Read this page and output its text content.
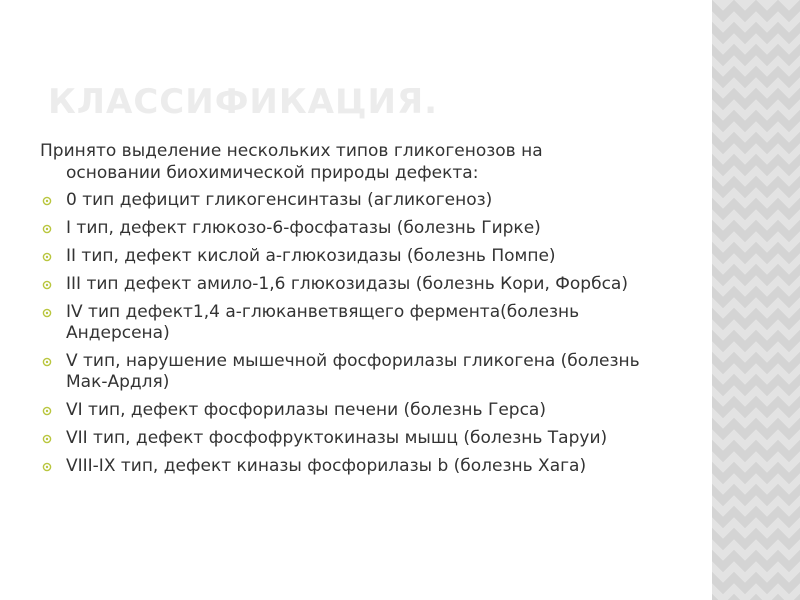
КЛАССИФИКАЦИЯ.

Принято выделение нескольких типов гликогенозов на

основании биохимической природы дефекта:

0 тип дефицит гликогенсинтазы (агликогеноз)
I тип, дефект глюкозо-6-фосфатазы (болезнь Гирке)
II тип, дефект кислой а-глюкозидазы (болезнь Помпе)
III тип дефект амило-1,6 глюкозидазы (болезнь Кори, Форбса)
IV тип дефект1,4 а-глюканветвящего фермента(болезнь Андерсена)
V тип, нарушение мышечной фосфорилазы гликогена (болезнь Мак-Ардля)
VI тип, дефект фосфорилазы печени (болезнь Герса)
VII тип, дефект фосфофруктокиназы мышц (болезнь Таруи)
VIII-IX тип, дефект киназы фосфорилазы b (болезнь Хага)
